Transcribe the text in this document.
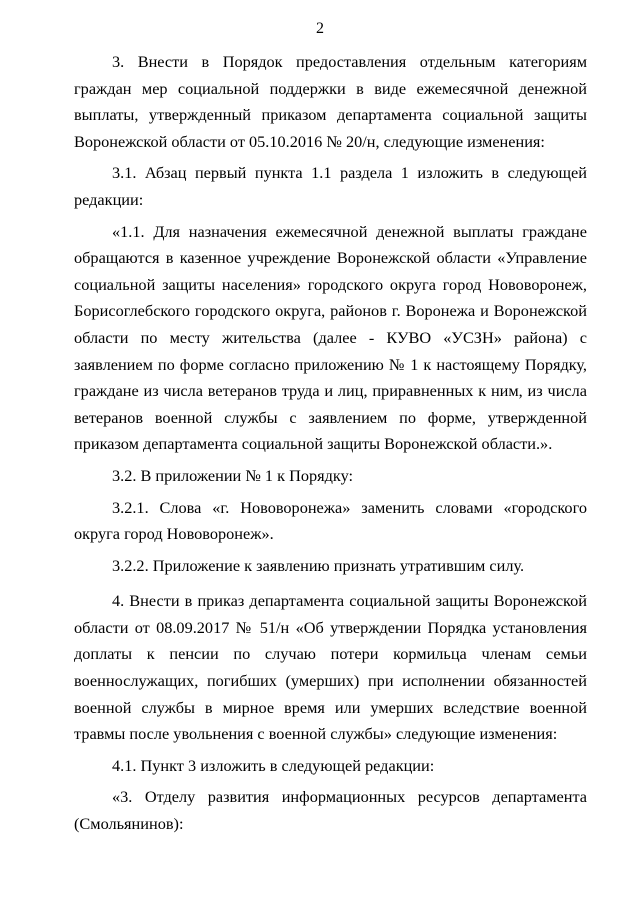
2

3. Внести в Порядок предоставления отдельным категориям граждан мер социальной поддержки в виде ежемесячной денежной выплаты, утвержденный приказом департамента социальной защиты Воронежской области от 05.10.2016 № 20/н, следующие изменения:

3.1. Абзац первый пункта 1.1 раздела 1 изложить в следующей редакции:

«1.1. Для назначения ежемесячной денежной выплаты граждане обращаются в казенное учреждение Воронежской области «Управление социальной защиты населения» городского округа город Нововоронеж, Борисоглебского городского округа, районов г. Воронежа и Воронежской области по месту жительства (далее - КУВО «УСЗН» района) с заявлением по форме согласно приложению № 1 к настоящему Порядку, граждане из числа ветеранов труда и лиц, приравненных к ним, из числа ветеранов военной службы с заявлением по форме, утвержденной приказом департамента социальной защиты Воронежской области.».

3.2. В приложении № 1 к Порядку:

3.2.1. Слова «г. Нововоронежа» заменить словами «городского округа город Нововоронеж».

3.2.2. Приложение к заявлению признать утратившим силу.

4. Внести в приказ департамента социальной защиты Воронежской области от 08.09.2017 № 51/н «Об утверждении Порядка установления доплаты к пенсии по случаю потери кормильца членам семьи военнослужащих, погибших (умерших) при исполнении обязанностей военной службы в мирное время или умерших вследствие военной травмы после увольнения с военной службы» следующие изменения:

4.1. Пункт 3 изложить в следующей редакции:

«3. Отделу развития информационных ресурсов департамента (Смольянинов):
